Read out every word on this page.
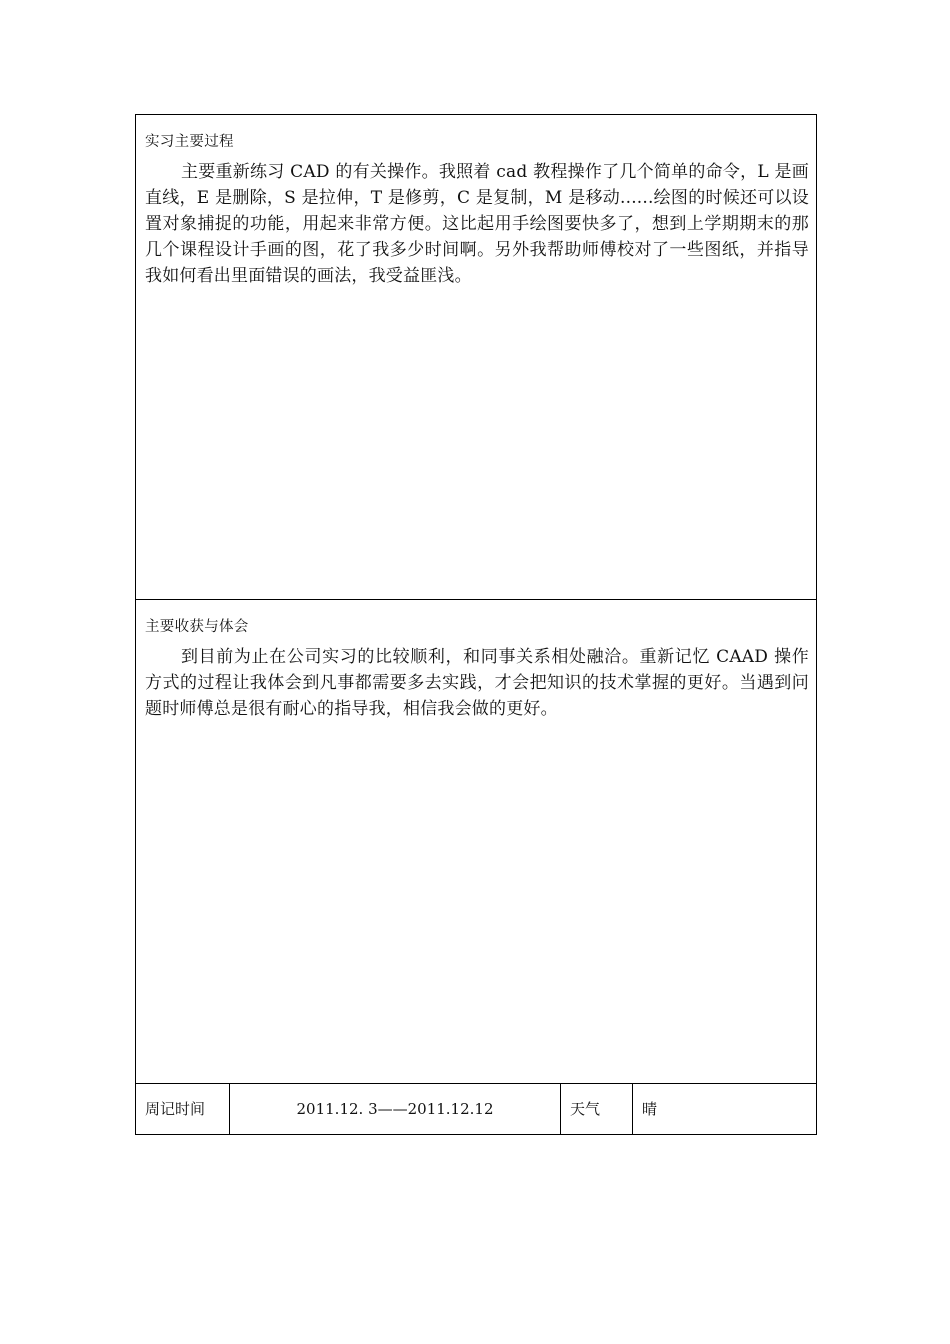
实习主要过程

主要重新练习 CAD 的有关操作。我照着 cad 教程操作了几个简单的命令，L 是画直线，E 是删除，S 是拉伸，T 是修剪，C 是复制，M 是移动......绘图的时候还可以设置对象捕捉的功能，用起来非常方便。这比起用手绘图要快多了，想到上学期期末的那几个课程设计手画的图，花了我多少时间啊。另外我帮助师傅校对了一些图纸，并指导我如何看出里面错误的画法，我受益匪浅。

主要收获与体会

到目前为止在公司实习的比较顺利，和同事关系相处融洽。重新记忆 CAAD 操作方式的过程让我体会到凡事都需要多去实践，才会把知识的技术掌握的更好。当遇到问题时师傅总是很有耐心的指导我，相信我会做的更好。

周记时间	2011.12. 3——2011.12.12	天气	晴
